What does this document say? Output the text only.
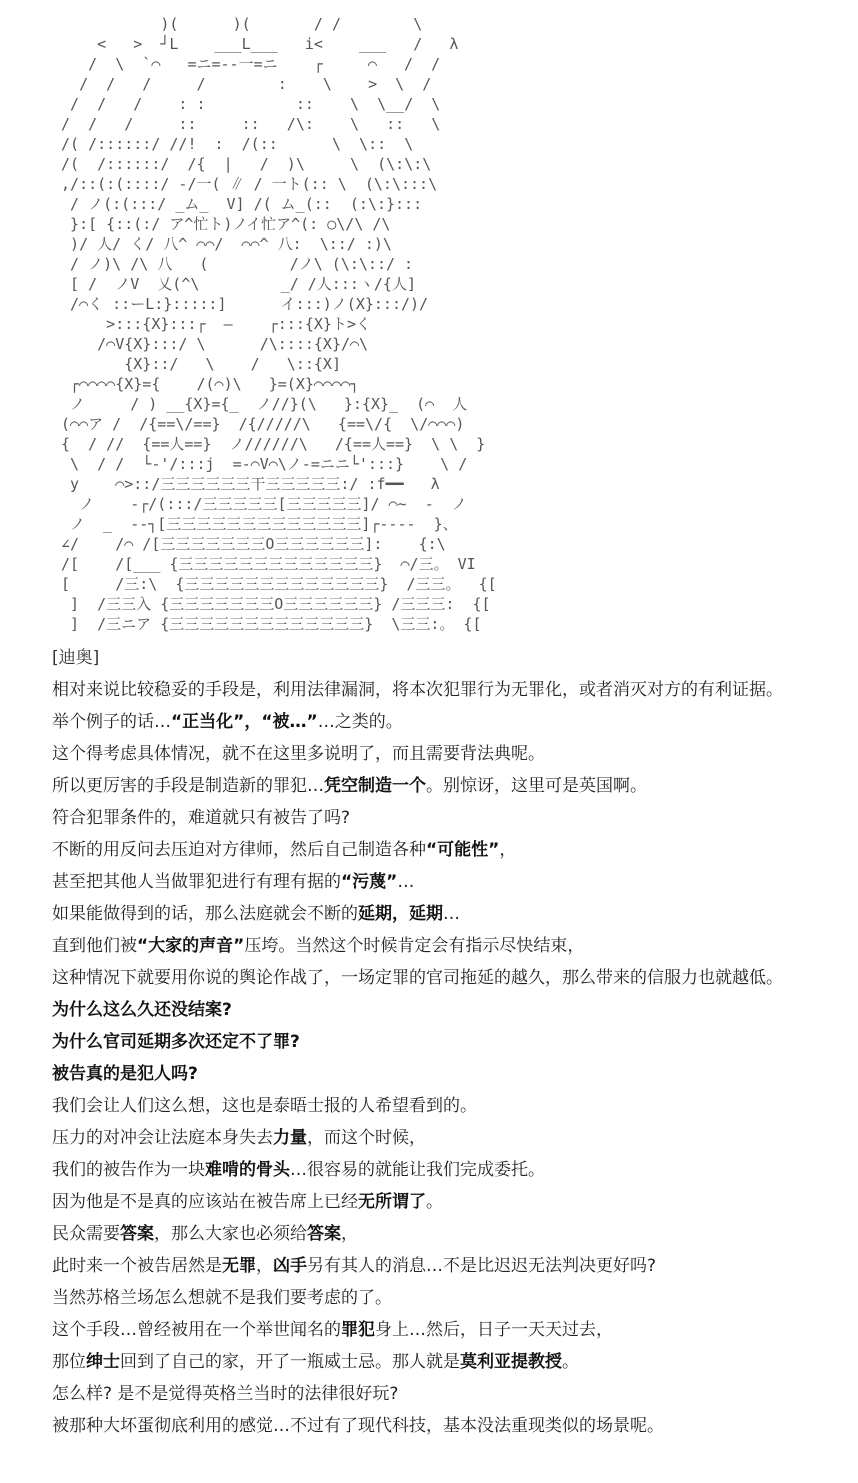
)(      )(       / /        \
<   >  ┘L    ___L___   i<    ___   /   λ
/  \  `⌒   =ニ=--一=ニ    ┌     ⌒   /  /
/  /   /     /        :    \    >  \  /
/  /   /    : :          ::    \  \__/  \
/  /   /     ::     ::   /\:    \   ::   \
/( /::::::/ //!  :  /(::      \  \::  \
/(  /::::::/  /{  |   /  )\     \  (\:\:\
,/::(:(::::/ -/一( ∥ / 一ト(:: \  (\:\:::\
/ ノ(:(:::/ _ム_  V] /( ム_(::  (:\:}:::
}:[ {::(:/ ア^忙ト)ノイ忙ア^(: ○\/\ /\
)/ 人/ く/ 八^ ⌒⌒/  ⌒⌒^ 八:  \::/ :)\
/ ノ)\ /\ 八   (         /ノ\ (\:\::/ :
[ /  ノV  乂(^\         _/ /人:::ヽ/{人]
/⌒く ::ーL:}:::::]      イ:::)ノ(X}:::/)/
>:::{X}:::┌  ―    ┌:::{X}ト>く
/⌒V{X}:::/ \      /\::::{X}/⌒\
{X}::/   \    /   \::{X]
┌⌒⌒⌒⌒{X}={    /(⌒)\   }=(X}⌒⌒⌒⌒┐
ノ     / ) __{X}={_  ノ//}(\   }:{X}_  (⌒  人
(⌒⌒ア /  /{==\/==}  /{/////\   {==\/{  \/⌒⌒⌒)
{  / //  {==人==}  ノ//////\   /{==人==}  \ \  }
\  / /  └-'/:::j  =-⌒V⌒\ノ-=ニニ└':::}    \ /
y    ⌒>::/三三三三三三干三三三三三:/ :f━━   λ
ノ    -┌/(:::/三三三三三[三三三三三]/ ⌒~  -  ノ
ノ  _  --┐[三三三三三三三三三三三三三]┌----  }、
∠/    /⌒ /[三三三三三三三O三三三三三三]:    {:\
/[    /[___ {三三三三三三三三三三三三三}  ⌒/三。 VI
[     /三:\  {三三三三三三三三三三三三三}  /三三。  {[
]  /三三入 {三三三三三三三O三三三三三三} /三三三:  {[
]  /三ニア {三三三三三三三三三三三三三}  \三三:。 {[

[迪奥]
相对来说比较稳妥的手段是，利用法律漏洞，将本次犯罪行为无罪化，或者消灭对方的有利证据。
举个例子的话…“正当化”，“被…”…之类的。
这个得考虑具体情况，就不在这里多说明了，而且需要背法典呢。
所以更厉害的手段是制造新的罪犯…凭空制造一个。别惊讶，这里可是英国啊。
符合犯罪条件的，难道就只有被告了吗?
不断的用反问去压迫对方律师，然后自己制造各种“可能性”，
甚至把其他人当做罪犯进行有理有据的“污蔑”…
如果能做得到的话，那么法庭就会不断的延期，延期…
直到他们被“大家的声音”压垮。当然这个时候肯定会有指示尽快结束，
这种情况下就要用你说的舆论作战了，一场定罪的官司拖延的越久，那么带来的信服力也就越低。
为什么这么久还没结案?
为什么官司延期多次还定不了罪?
被告真的是犯人吗?
我们会让人们这么想，这也是泰晤士报的人希望看到的。
压力的对冲会让法庭本身失去力量，而这个时候，
我们的被告作为一块难啃的骨头…很容易的就能让我们完成委托。
因为他是不是真的应该站在被告席上已经无所谓了。
民众需要答案，那么大家也必须给答案，
此时来一个被告居然是无罪，凶手另有其人的消息…不是比迟迟无法判决更好吗?
当然苏格兰场怎么想就不是我们要考虑的了。
这个手段…曾经被用在一个举世闻名的罪犯身上…然后，日子一天天过去，
那位绅士回到了自己的家，开了一瓶威士忌。那人就是莫利亚提教授。
怎么样? 是不是觉得英格兰当时的法律很好玩?
被那种大坏蛋彻底利用的感觉…不过有了现代科技，基本没法重现类似的场景呢。
